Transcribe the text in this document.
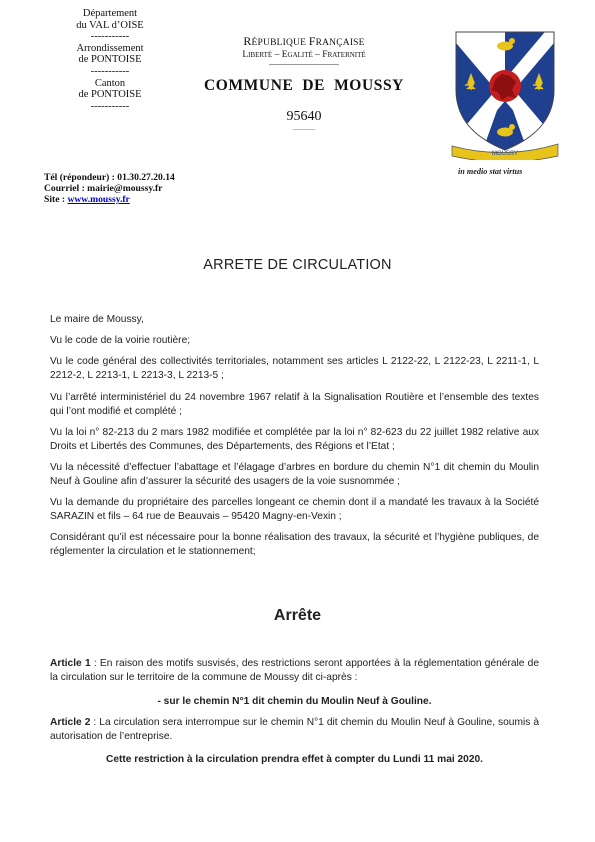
Département
du VAL d’OISE
-----------
Arrondissement
de PONTOISE
-----------
Canton
de PONTOISE
-----------
Tél (répondeur) : 01.30.27.20.14
Courriel : mairie@moussy.fr
Site : www.moussy.fr
RÉPUBLIQUE FRANÇAISE
Liberté – Egalité – Fraternité
COMMUNE  DE  MOUSSY
95640
MOUSSY
in medio stat virtus
ARRETE DE CIRCULATION

Le maire de Moussy,

Vu le code de la voirie routière;

Vu le code général des collectivités territoriales, notamment ses articles L 2122-22, L 2122-23, L 2211-1, L 2212-2, L 2213-1, L 2213-3, L 2213-5 ;

Vu l’arrêté interministériel du 24 novembre 1967 relatif à la Signalisation Routière et l’ensemble des textes qui l’ont modifié et complété ;

Vu la loi n° 82-213 du 2 mars 1982 modifiée et complétée par la loi n° 82-623 du 22 juillet 1982 relative aux Droits et Libertés des Communes, des Départements, des Régions et l’Etat ;

Vu la nécessité d’effectuer l’abattage et l’élagage d’arbres en bordure du chemin N°1 dit chemin du Moulin Neuf à Gouline afin d’assurer la sécurité des usagers de la voie susnommée ;

Vu la demande du propriétaire des parcelles longeant ce chemin dont il a mandaté les travaux à la Société SARAZIN et fils – 64 rue de Beauvais – 95420 Magny-en-Vexin ;

Considérant qu’il est nécessaire pour la bonne réalisation des travaux, la sécurité et l’hygiène publiques, de réglementer la circulation et le stationnement;

Arrête
Article 1 : En raison des motifs susvisés, des restrictions seront apportées à la réglementation générale de la circulation sur le territoire de la commune de Moussy dit ci-après :
- sur le chemin N°1 dit chemin du Moulin Neuf à Gouline.
Article 2 : La circulation sera interrompue sur le chemin N°1 dit chemin du Moulin Neuf à Gouline, soumis à autorisation de l’entreprise.
Cette restriction à la circulation prendra effet à compter du Lundi 11 mai 2020.
